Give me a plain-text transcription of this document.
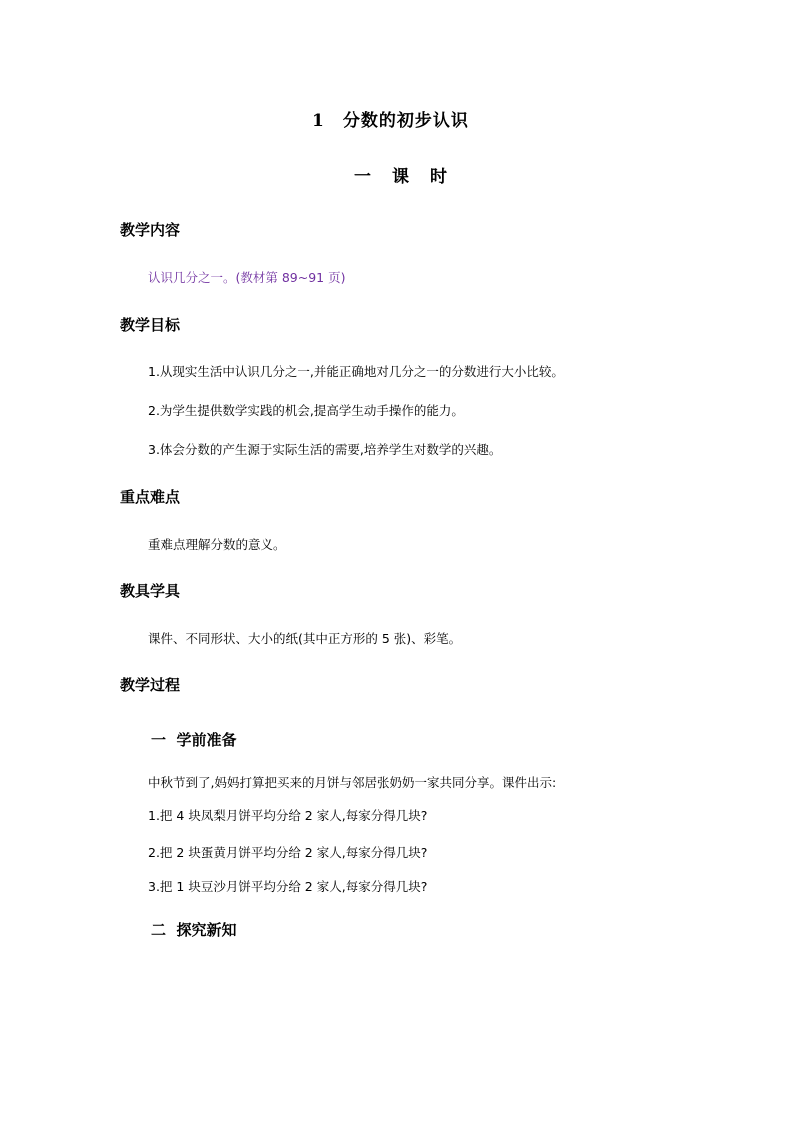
1　分数的初步认识
一　课　时
教学内容
认识几分之一。(教材第 89~91 页)
教学目标
1.从现实生活中认识几分之一,并能正确地对几分之一的分数进行大小比较。
2.为学生提供数学实践的机会,提高学生动手操作的能力。
3.体会分数的产生源于实际生活的需要,培养学生对数学的兴趣。
重点难点
重难点理解分数的意义。
教具学具
课件、不同形状、大小的纸(其中正方形的 5 张)、彩笔。
教学过程
一  学前准备
中秋节到了,妈妈打算把买来的月饼与邻居张奶奶一家共同分享。课件出示:
1.把 4 块凤梨月饼平均分给 2 家人,每家分得几块?
2.把 2 块蛋黄月饼平均分给 2 家人,每家分得几块?
3.把 1 块豆沙月饼平均分给 2 家人,每家分得几块?
二  探究新知
